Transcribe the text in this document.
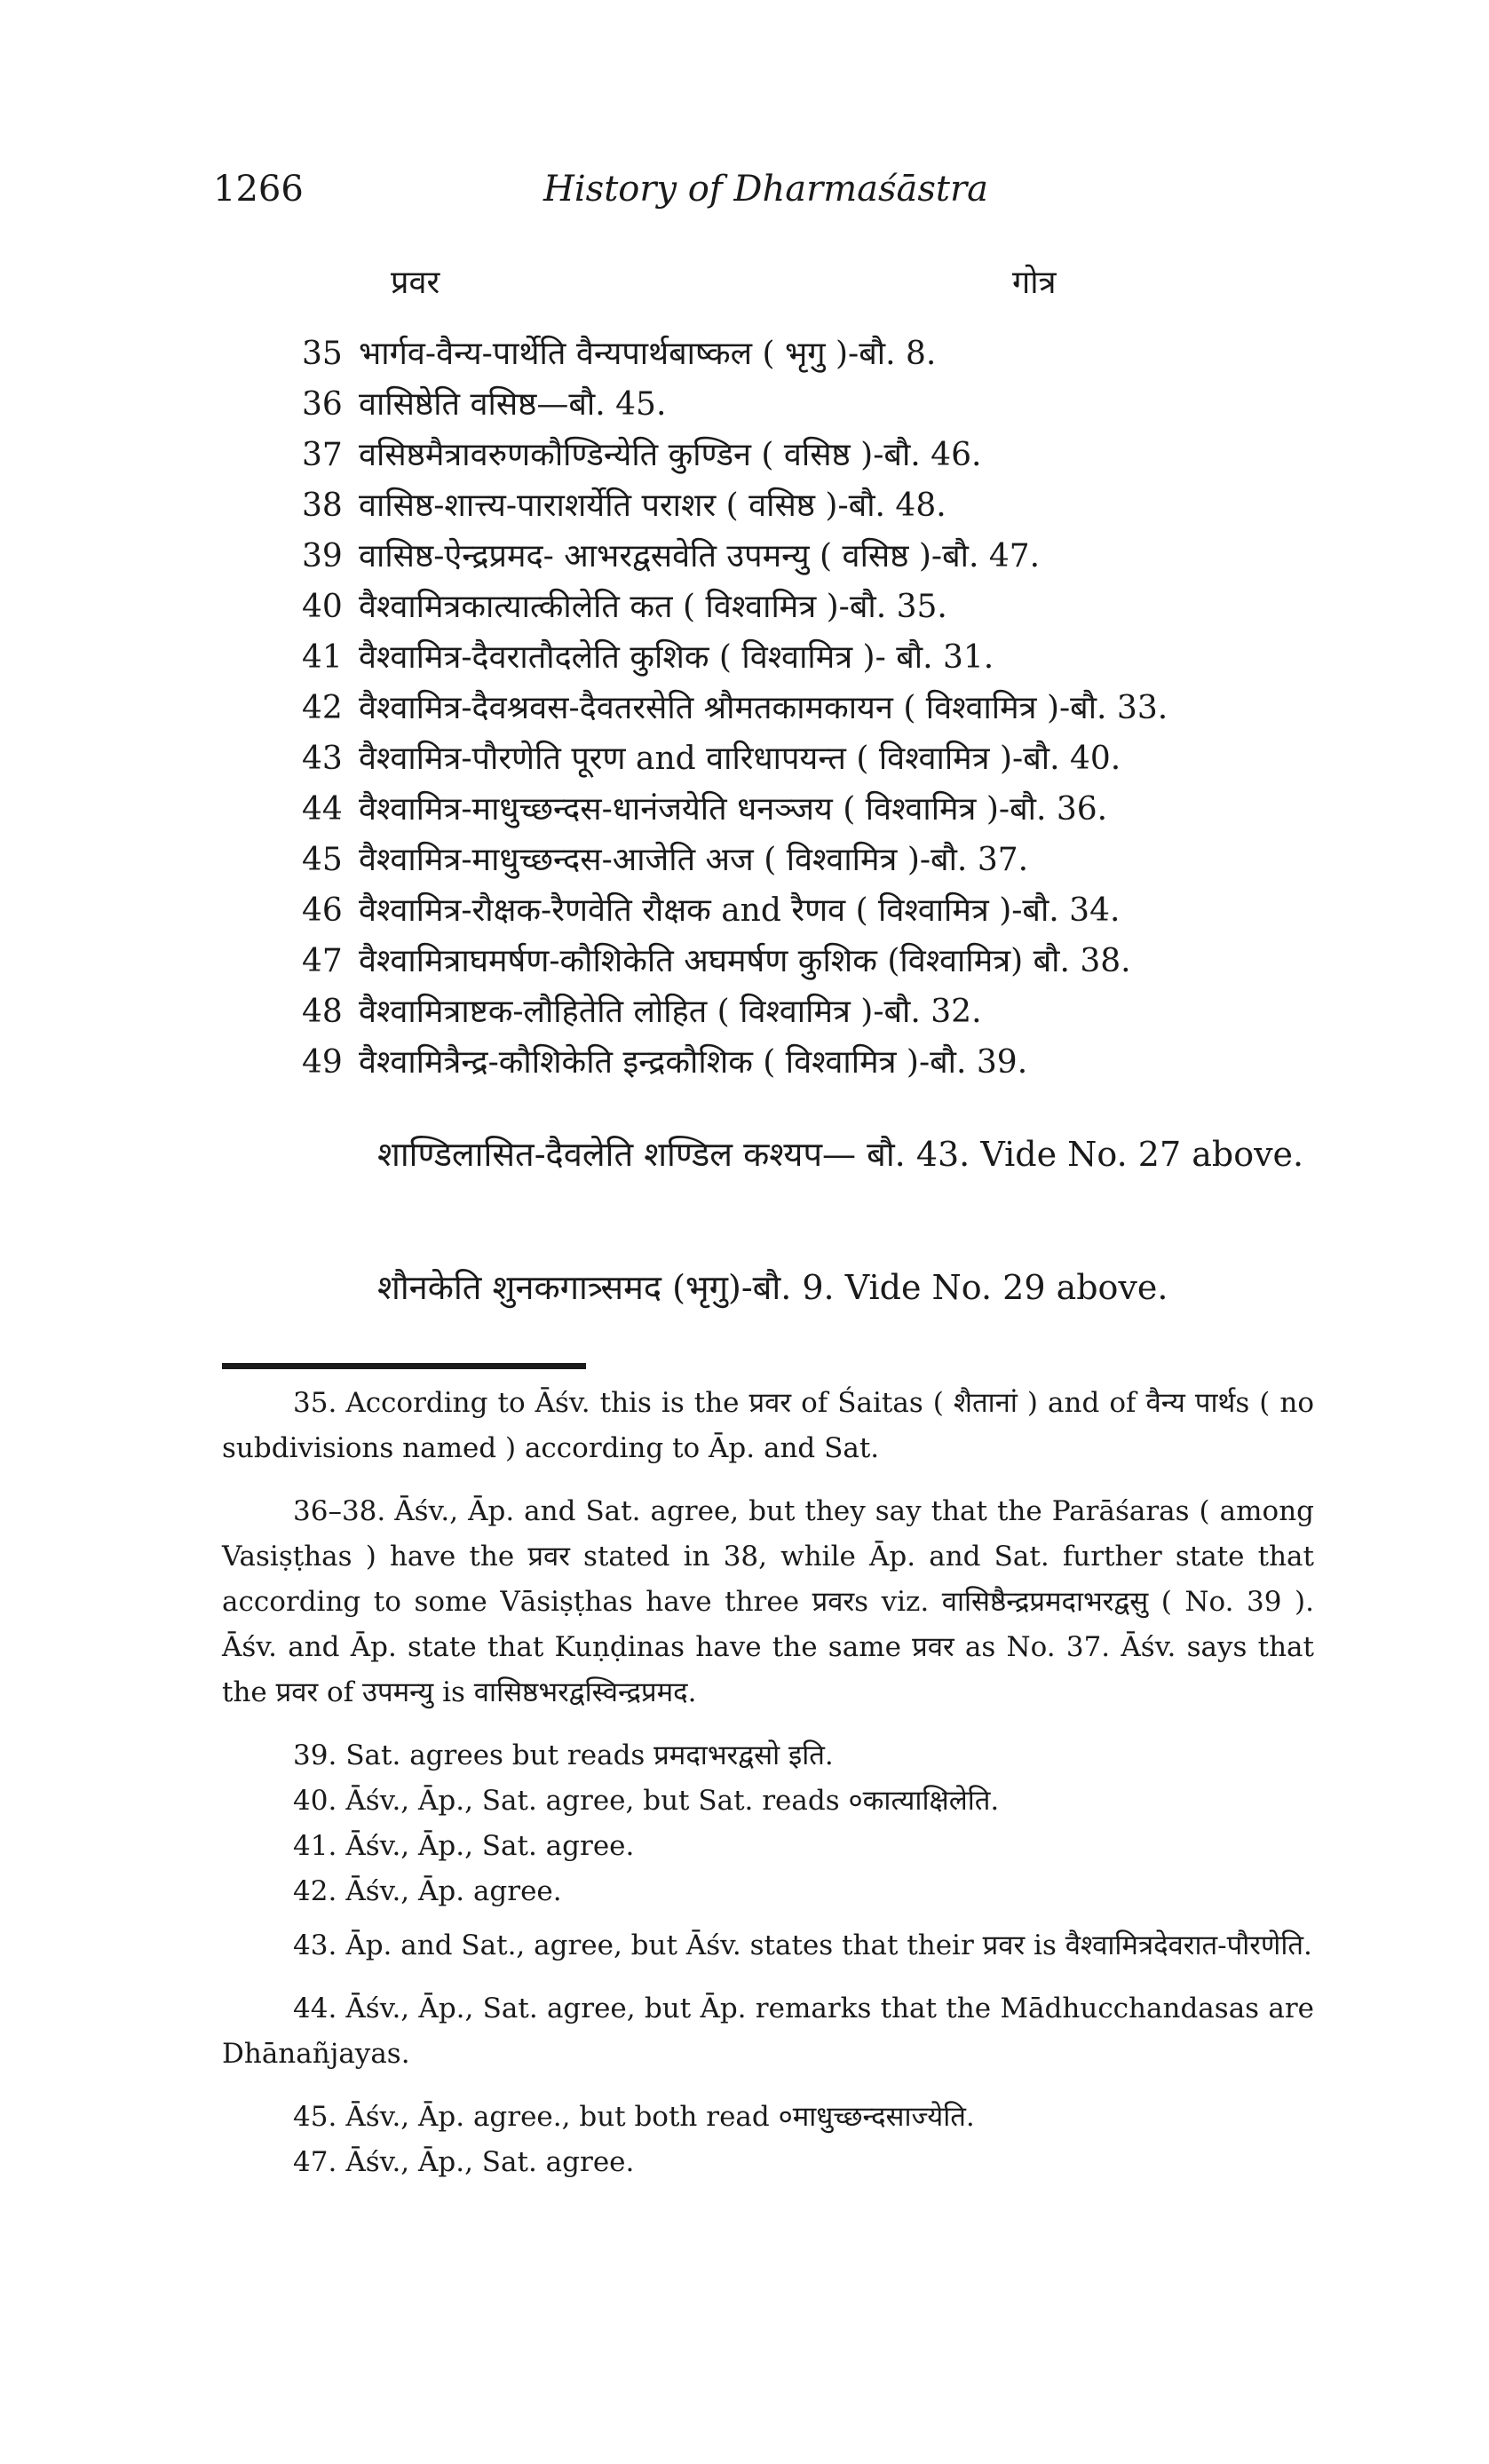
1266	History of Dharmaśāstra
प्रवर	गोत्र
35 भार्गव-वैन्य-पार्थेति वैन्यपार्थबाष्कल ( भृगु )-बौ. 8.
36 वासिष्ठेति वसिष्ठ—बौ. 45.
37 वसिष्ठमैत्रावरुणकौण्डिन्येति कुण्डिन ( वसिष्ठ )-बौ. 46.
38 वासिष्ठ-शात्त्य-पाराशर्येति पराशर ( वसिष्ठ )-बौ. 48.
39 वासिष्ठ-ऐन्द्रप्रमद- आभरद्वसवेति उपमन्यु ( वसिष्ठ )-बौ. 47.
40 वैश्वामित्रकात्यात्कीलेति कत ( विश्वामित्र )-बौ. 35.
41 वैश्वामित्र-दैवरातौदलेति कुशिक ( विश्वामित्र )- बौ. 31.
42 वैश्वामित्र-दैवश्रवस-दैवतरसेति श्रौमतकामकायन ( विश्वामित्र )-बौ. 33.
43 वैश्वामित्र-पौरणेति पूरण and वारिधापयन्त ( विश्वामित्र )-बौ. 40.
44 वैश्वामित्र-माधुच्छन्दस-धानंजयेति धनञ्जय ( विश्वामित्र )-बौ. 36.
45 वैश्वामित्र-माधुच्छन्दस-आजेति अज ( विश्वामित्र )-बौ. 37.
46 वैश्वामित्र-रौक्षक-रैणवेति रौक्षक and रैणव ( विश्वामित्र )-बौ. 34.
47 वैश्वामित्राघमर्षण-कौशिकेति अघमर्षण कुशिक (विश्वामित्र) बौ. 38.
48 वैश्वामित्राष्टक-लौहितेति लोहित ( विश्वामित्र )-बौ. 32.
49 वैश्वामित्रैन्द्र-कौशिकेति इन्द्रकौशिक ( विश्वामित्र )-बौ. 39.
शाण्डिलासित-दैवलेति शण्डिल कश्यप— बौ. 43. Vide No. 27 above.
शौनकेति शुनकगात्र्समद (भृगु)-बौ. 9. Vide No. 29 above.

35. According to Āśv. this is the प्रवर of Śaitas ( शैतानां ) and of वैन्य पार्थs ( no subdivisions named ) according to Āp. and Sat.

36–38. Āśv., Āp. and Sat. agree, but they say that the Parāśaras ( among Vasiṣṭhas ) have the प्रवर stated in 38, while Āp. and Sat. further state that according to some Vāsiṣṭhas have three प्रवरs viz. वासिष्ठैन्द्रप्रमदाभरद्वसु ( No. 39 ). Āśv. and Āp. state that Kuṇḍinas have the same प्रवर as No. 37. Āśv. says that the प्रवर of उपमन्यु is वासिष्ठभरद्वस्विन्द्रप्रमद.

39. Sat. agrees but reads प्रमदाभरद्वसो इति.

40. Āśv., Āp., Sat. agree, but Sat. reads ०कात्याक्षिलेति.

41. Āśv., Āp., Sat. agree.

42. Āśv., Āp. agree.

43. Āp. and Sat., agree, but Āśv. states that their प्रवर is वैश्वामित्रदेवरात-पौरणेति.

44. Āśv., Āp., Sat. agree, but Āp. remarks that the Mādhucchandasas are Dhānañjayas.

45. Āśv., Āp. agree., but both read ०माधुच्छन्दसाज्येति.

47. Āśv., Āp., Sat. agree.
